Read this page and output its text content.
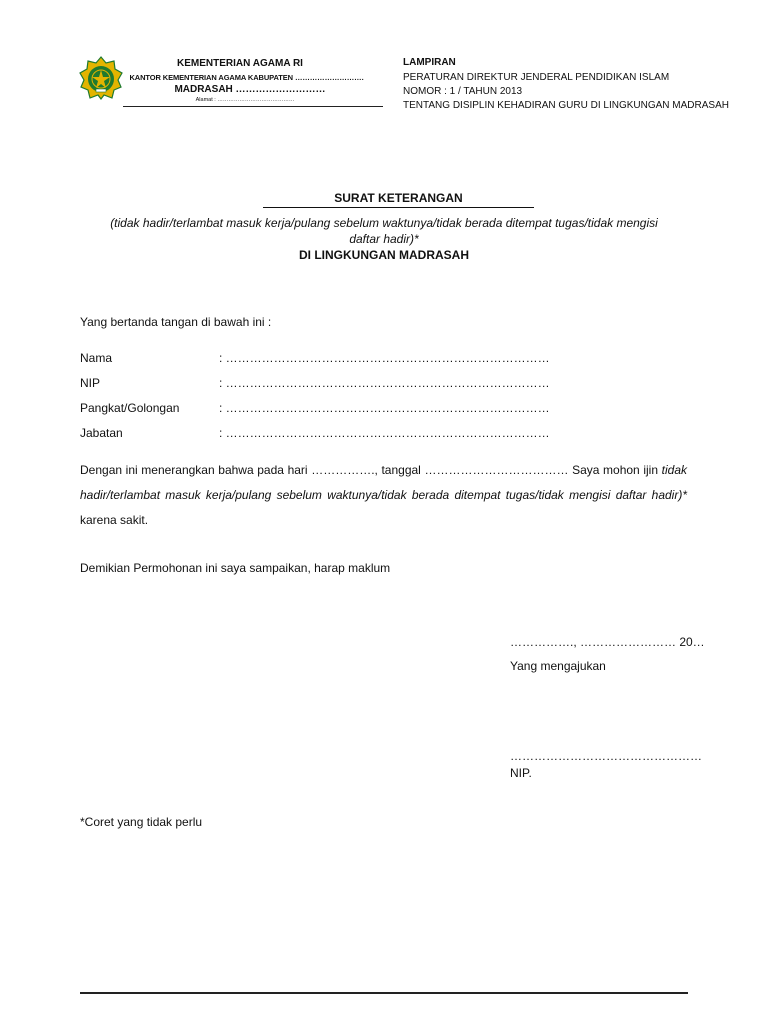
KEMENTERIAN AGAMA RI
KANTOR KEMENTERIAN AGAMA KABUPATEN ……………………….
MADRASAH ………………………
Alamat : ……………………………………
LAMPIRAN
PERATURAN DIREKTUR JENDERAL PENDIDIKAN ISLAM
NOMOR : 1 / TAHUN 2013
TENTANG DISIPLIN KEHADIRAN GURU DI LINGKUNGAN MADRASAH
SURAT KETERANGAN
(tidak hadir/terlambat masuk kerja/pulang sebelum waktunya/tidak berada ditempat tugas/tidak mengisi daftar hadir)*
DI LINGKUNGAN MADRASAH
Yang bertanda tangan di bawah ini :
Nama	: ………………………………………………………………………
NIP	: ………………………………………………………………………
Pangkat/Golongan	: ………………………………………………………………………
Jabatan	: ………………………………………………………………………
Dengan ini menerangkan bahwa pada hari ……………., tanggal ……………………………… Saya mohon ijin tidak hadir/terlambat masuk kerja/pulang sebelum waktunya/tidak berada ditempat tugas/tidak mengisi daftar hadir)* karena sakit.
Demikian Permohonan ini saya sampaikan, harap maklum
……………., …………………… 20…
Yang mengajukan
…………………………………………
NIP.
*Coret yang tidak perlu
